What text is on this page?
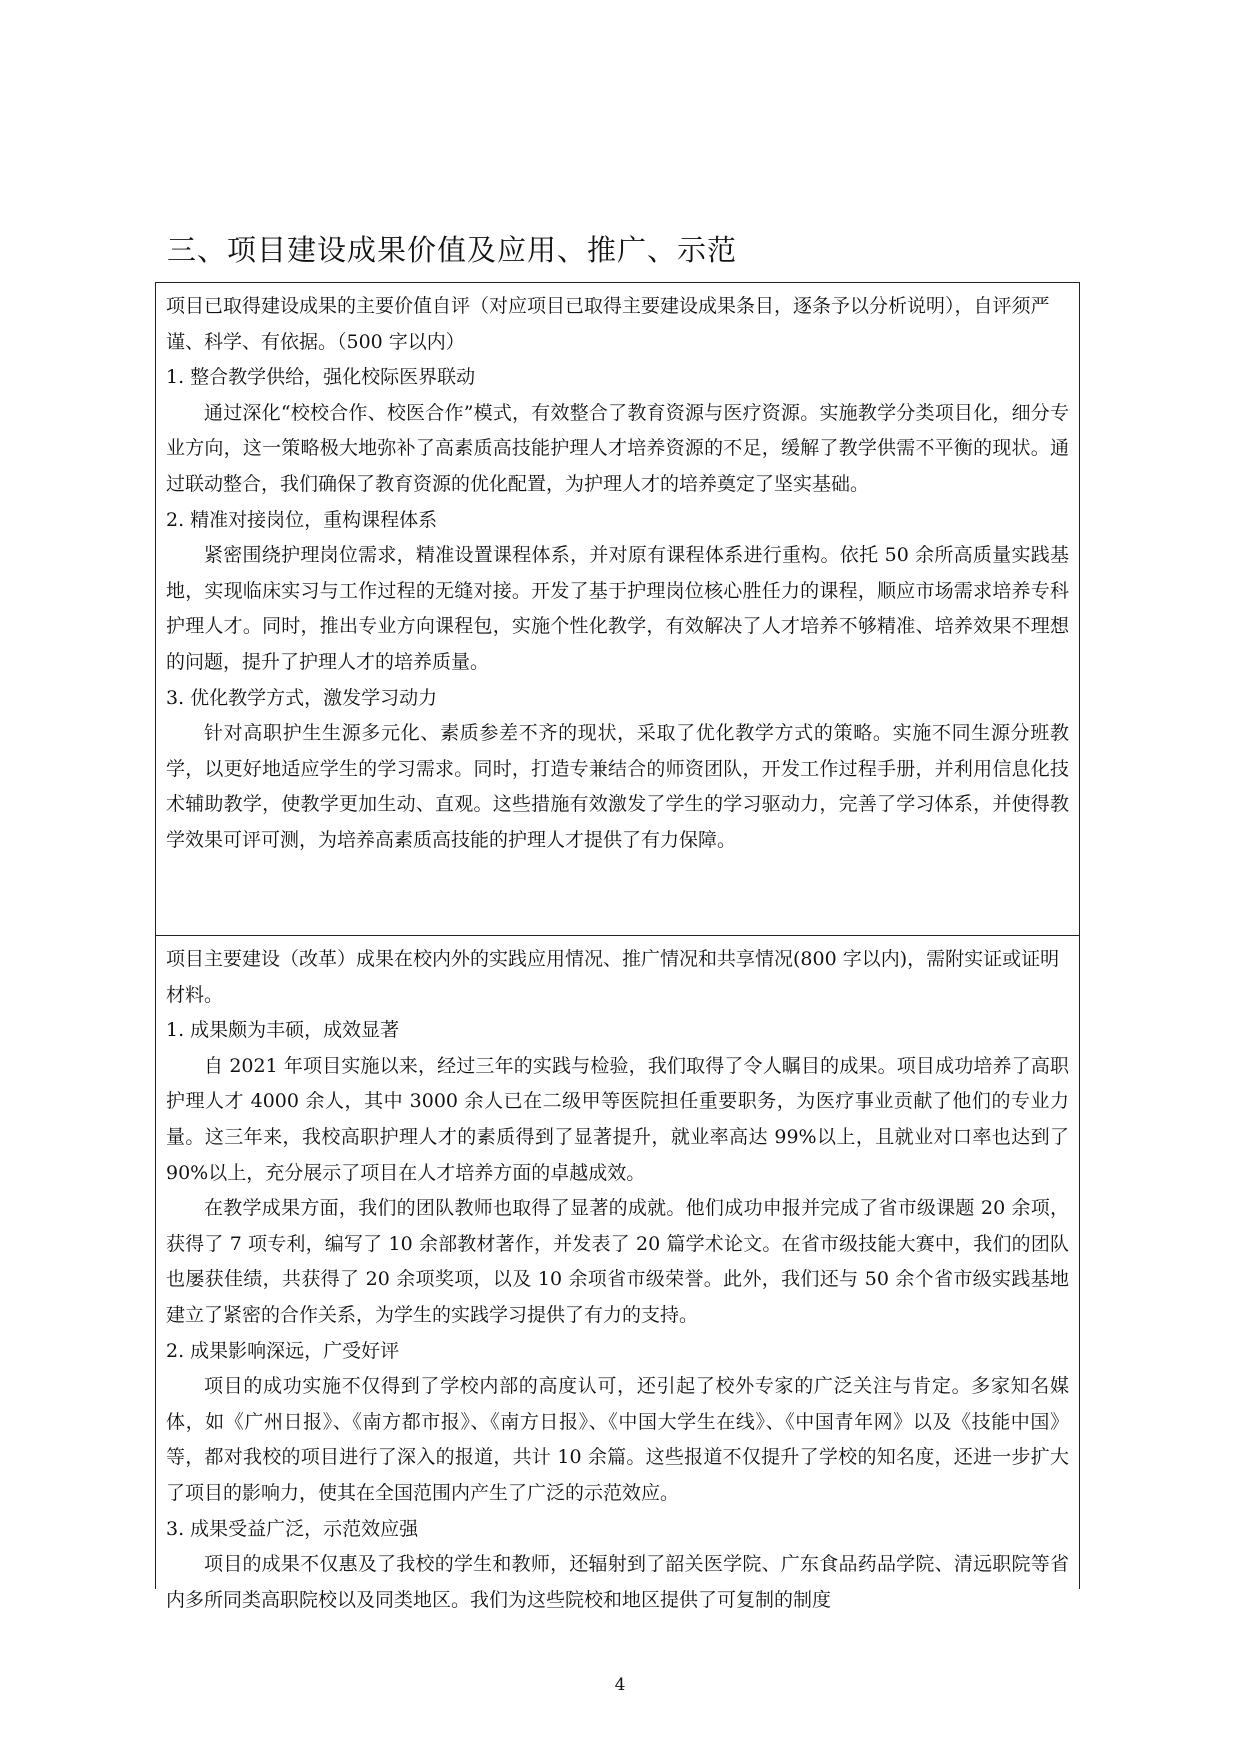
三、项目建设成果价值及应用、推广、示范

项目已取得建设成果的主要价值自评（对应项目已取得主要建设成果条目，逐条予以分析说明），自评须严谨、科学、有依据。（500 字以内）

1. 整合教学供给，强化校际医界联动

通过深化“校校合作、校医合作”模式，有效整合了教育资源与医疗资源。实施教学分类项目化，细分专业方向，这一策略极大地弥补了高素质高技能护理人才培养资源的不足，缓解了教学供需不平衡的现状。通过联动整合，我们确保了教育资源的优化配置，为护理人才的培养奠定了坚实基础。

2. 精准对接岗位，重构课程体系

紧密围绕护理岗位需求，精准设置课程体系，并对原有课程体系进行重构。依托 50 余所高质量实践基地，实现临床实习与工作过程的无缝对接。开发了基于护理岗位核心胜任力的课程，顺应市场需求培养专科护理人才。同时，推出专业方向课程包，实施个性化教学，有效解决了人才培养不够精准、培养效果不理想的问题，提升了护理人才的培养质量。

3. 优化教学方式，激发学习动力

针对高职护生生源多元化、素质参差不齐的现状，采取了优化教学方式的策略。实施不同生源分班教学，以更好地适应学生的学习需求。同时，打造专兼结合的师资团队，开发工作过程手册，并利用信息化技术辅助教学，使教学更加生动、直观。这些措施有效激发了学生的学习驱动力，完善了学习体系，并使得教学效果可评可测，为培养高素质高技能的护理人才提供了有力保障。

项目主要建设（改革）成果在校内外的实践应用情况、推广情况和共享情况(800 字以内)，需附实证或证明材料。

1. 成果颇为丰硕，成效显著

自 2021 年项目实施以来，经过三年的实践与检验，我们取得了令人瞩目的成果。项目成功培养了高职护理人才 4000 余人，其中 3000 余人已在二级甲等医院担任重要职务，为医疗事业贡献了他们的专业力量。这三年来，我校高职护理人才的素质得到了显著提升，就业率高达 99%以上，且就业对口率也达到了 90%以上，充分展示了项目在人才培养方面的卓越成效。

在教学成果方面，我们的团队教师也取得了显著的成就。他们成功申报并完成了省市级课题 20 余项，获得了 7 项专利，编写了 10 余部教材著作，并发表了 20 篇学术论文。在省市级技能大赛中，我们的团队也屡获佳绩，共获得了 20 余项奖项，以及 10 余项省市级荣誉。此外，我们还与 50 余个省市级实践基地建立了紧密的合作关系，为学生的实践学习提供了有力的支持。

2. 成果影响深远，广受好评

项目的成功实施不仅得到了学校内部的高度认可，还引起了校外专家的广泛关注与肯定。多家知名媒体，如《广州日报》、《南方都市报》、《南方日报》、《中国大学生在线》、《中国青年网》以及《技能中国》等，都对我校的项目进行了深入的报道，共计 10 余篇。这些报道不仅提升了学校的知名度，还进一步扩大了项目的影响力，使其在全国范围内产生了广泛的示范效应。

3. 成果受益广泛，示范效应强

项目的成果不仅惠及了我校的学生和教师，还辐射到了韶关医学院、广东食品药品学院、清远职院等省内多所同类高职院校以及同类地区。我们为这些院校和地区提供了可复制的制度

4
